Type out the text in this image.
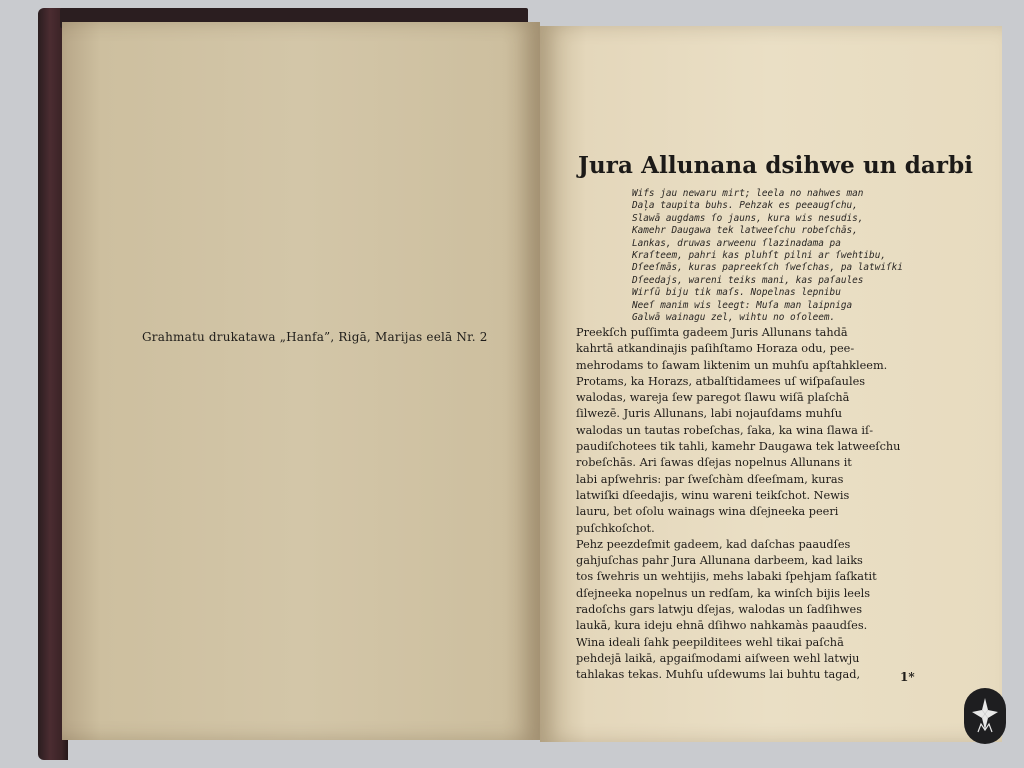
Grahmatu drukatawa „Hanfa”, Rigā, Marijas eelā Nr. 2
Jura Allunana dsihwe un darbi
Wifs jau newaru mirt; leela no nahwes man
Daļa taupita buhs. Pehzak es peeaugſchu,
Slawā augdams ſo jauns, kura wis nesudis,
Kamehr Daugawa tek latweeſchu robeſchās,
Lankas, druwas arweenu ſlazinadama pa
Kraſteem, pahri kas pluhſt pilni ar ſwehtibu,
Dſeeſmās, kuras papreekſch ſweſchas, pa latwiſki
Dſeedajs, wareni teiks mani, kas paſaules
Wirſū biju tik maſs. Nopelnas lepnibu
Neeſ manim wis leegt: Muſa man laipniga
Galwā wainagu zel, wihtu no oſoleem.
Preekſch puſſimta gadeem Juris Allunans tahdā
kahrtā atkandinajis paſihſtamo Horaza odu, pee-
mehrodams to ſawam liktenim un muhſu apſtahkleem.
Protams, ka Horazs, atbalſtidamees uſ wiſpaſaules
walodas, wareja ſew paregot ſlawu wiſā plaſchā
ſilwezē. Juris Allunans, labi nojauſdams muhſu
walodas un tautas robeſchas, ſaka, ka wina ſlawa iſ-
paudiſchotees tik tahli, kamehr Daugawa tek latweeſchu
robeſchās. Ari ſawas dſejas nopelnus Allunans it
labi apſwehris: par ſweſchàm dſeeſmam, kuras
latwiſki dſeedajis, winu wareni teikſchot. Newis
lauru, bet oſolu wainags wina dſejneeka peeri
puſchkoſchot.
Pehz peezdeſmit gadeem, kad daſchas paaudſes
gahjuſchas pahr Jura Allunana darbeem, kad laiks
tos ſwehris un wehtijis, mehs labaki ſpehjam ſaſkatit
dſejneeka nopelnus un redſam, ka winſch bijis leels
radoſchs gars latwju dſejas, walodas un ſadſihwes
laukā, kura ideju ehnā dſihwo nahkamàs paaudſes.
Wina ideali ſahk peepilditees wehl tikai paſchā
pehdejā laikā, apgaiſmodami aiſween wehl latwju
tahlakas tekas. Muhſu uſdewums lai buhtu tagad,	1*
